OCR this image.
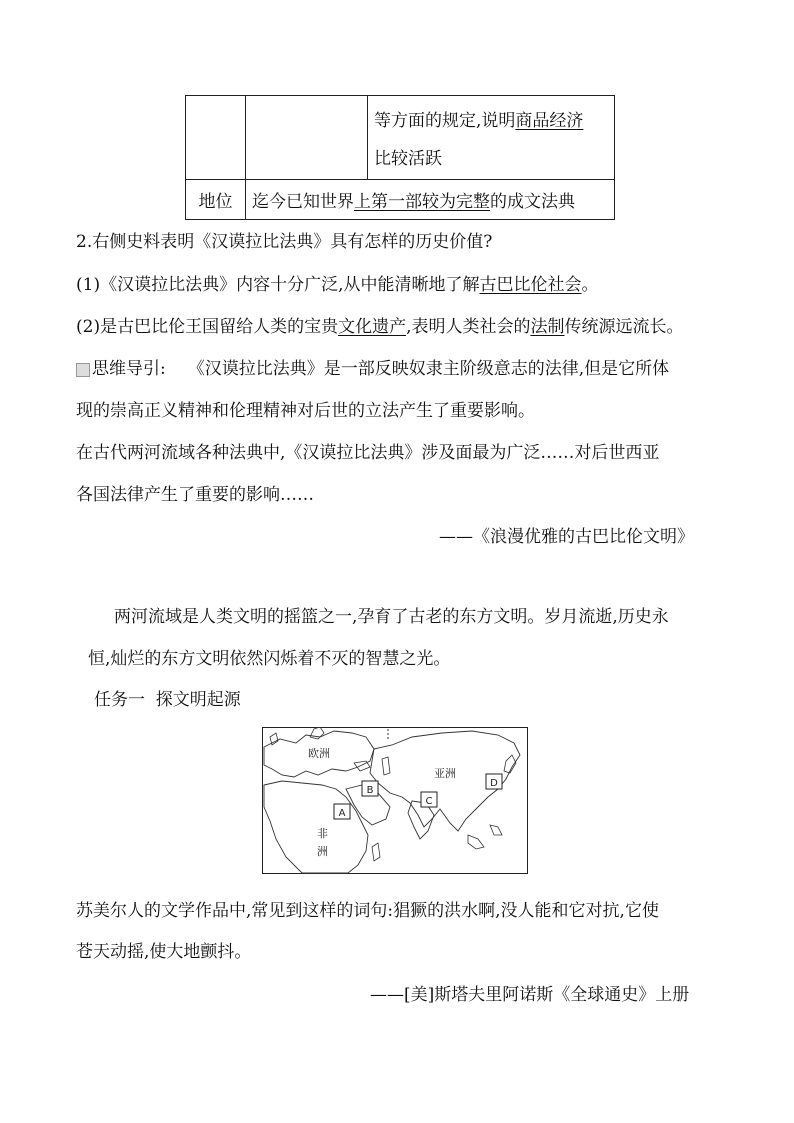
		等方面的规定,说明商品经济
比较活跃

地位	迄今已知世界上第一部较为完整的成文法典	
2.右侧史料表明《汉谟拉比法典》具有怎样的历史价值?
(1)《汉谟拉比法典》内容十分广泛,从中能清晰地了解古巴比伦社会。
(2)是古巴比伦王国留给人类的宝贵文化遗产,表明人类社会的法制传统源远流长。
思维导引: 《汉谟拉比法典》是一部反映奴隶主阶级意志的法律,但是它所体
现的崇高正义精神和伦理精神对后世的立法产生了重要影响。
在古代两河流域各种法典中,《汉谟拉比法典》涉及面最为广泛……对后世西亚
各国法律产生了重要的影响……
——《浪漫优雅的古巴比伦文明》
两河流域是人类文明的摇篮之一,孕育了古老的东方文明。岁月流逝,历史永
恒,灿烂的东方文明依然闪烁着不灭的智慧之光。
任务一  探文明起源
欧洲
亚洲
非
洲
A
B
C
D
苏美尔人的文学作品中,常见到这样的词句:猖獗的洪水啊,没人能和它对抗,它使
苍天动摇,使大地颤抖。
——[美]斯塔夫里阿诺斯《全球通史》上册
